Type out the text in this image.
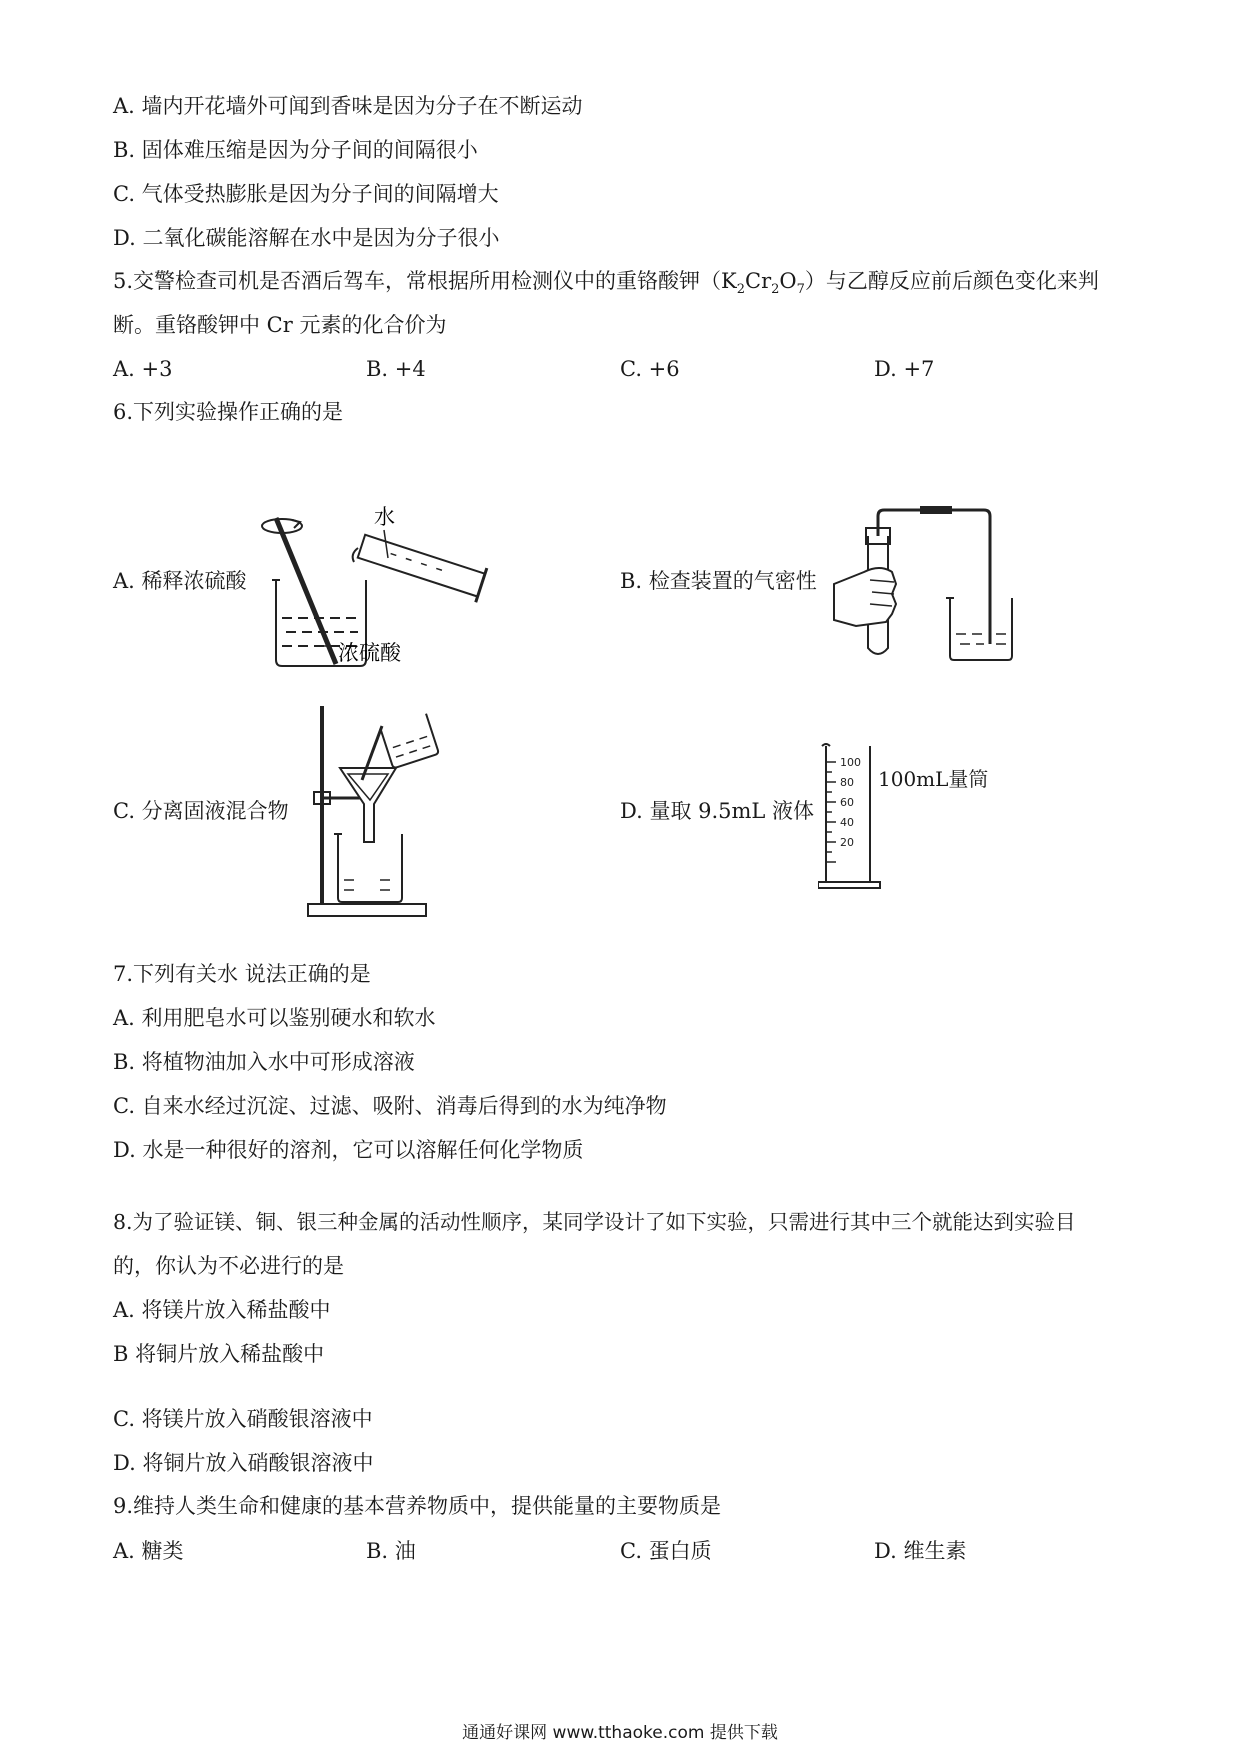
A. 墙内开花墙外可闻到香味是因为分子在不断运动
B. 固体难压缩是因为分子间的间隔很小
C. 气体受热膨胀是因为分子间的间隔增大
D. 二氧化碳能溶解在水中是因为分子很小
5.交警检查司机是否酒后驾车，常根据所用检测仪中的重铬酸钾$(K_2Cr_2O_7)$与乙醇反应前后颜色变化来判
断。重铬酸钾中 Cr 元素的化合价为
A. +3	B. +4	C. +6	D. +7
6.下列实验操作正确的是
A. 稀释浓硫酸
水
浓硫酸
B. 检查装置的气密性
C. 分离固液混合物	D. 量取 9.5mL 液体
100
80
60
40
20
100mL量筒
7.下列有关水 说法正确的是
A. 利用肥皂水可以鉴别硬水和软水
B. 将植物油加入水中可形成溶液
C. 自来水经过沉淀、过滤、吸附、消毒后得到的水为纯净物
D. 水是一种很好的溶剂，它可以溶解任何化学物质
8.为了验证镁、铜、银三种金属的活动性顺序，某同学设计了如下实验，只需进行其中三个就能达到实验目
的，你认为不必进行的是
A. 将镁片放入稀盐酸中
B 将铜片放入稀盐酸中
C. 将镁片放入硝酸银溶液中
D. 将铜片放入硝酸银溶液中
9.维持人类生命和健康的基本营养物质中，提供能量的主要物质是
A. 糖类	B. 油	C. 蛋白质	D. 维生素
通通好课网 www.tthaoke.com 提供下载
